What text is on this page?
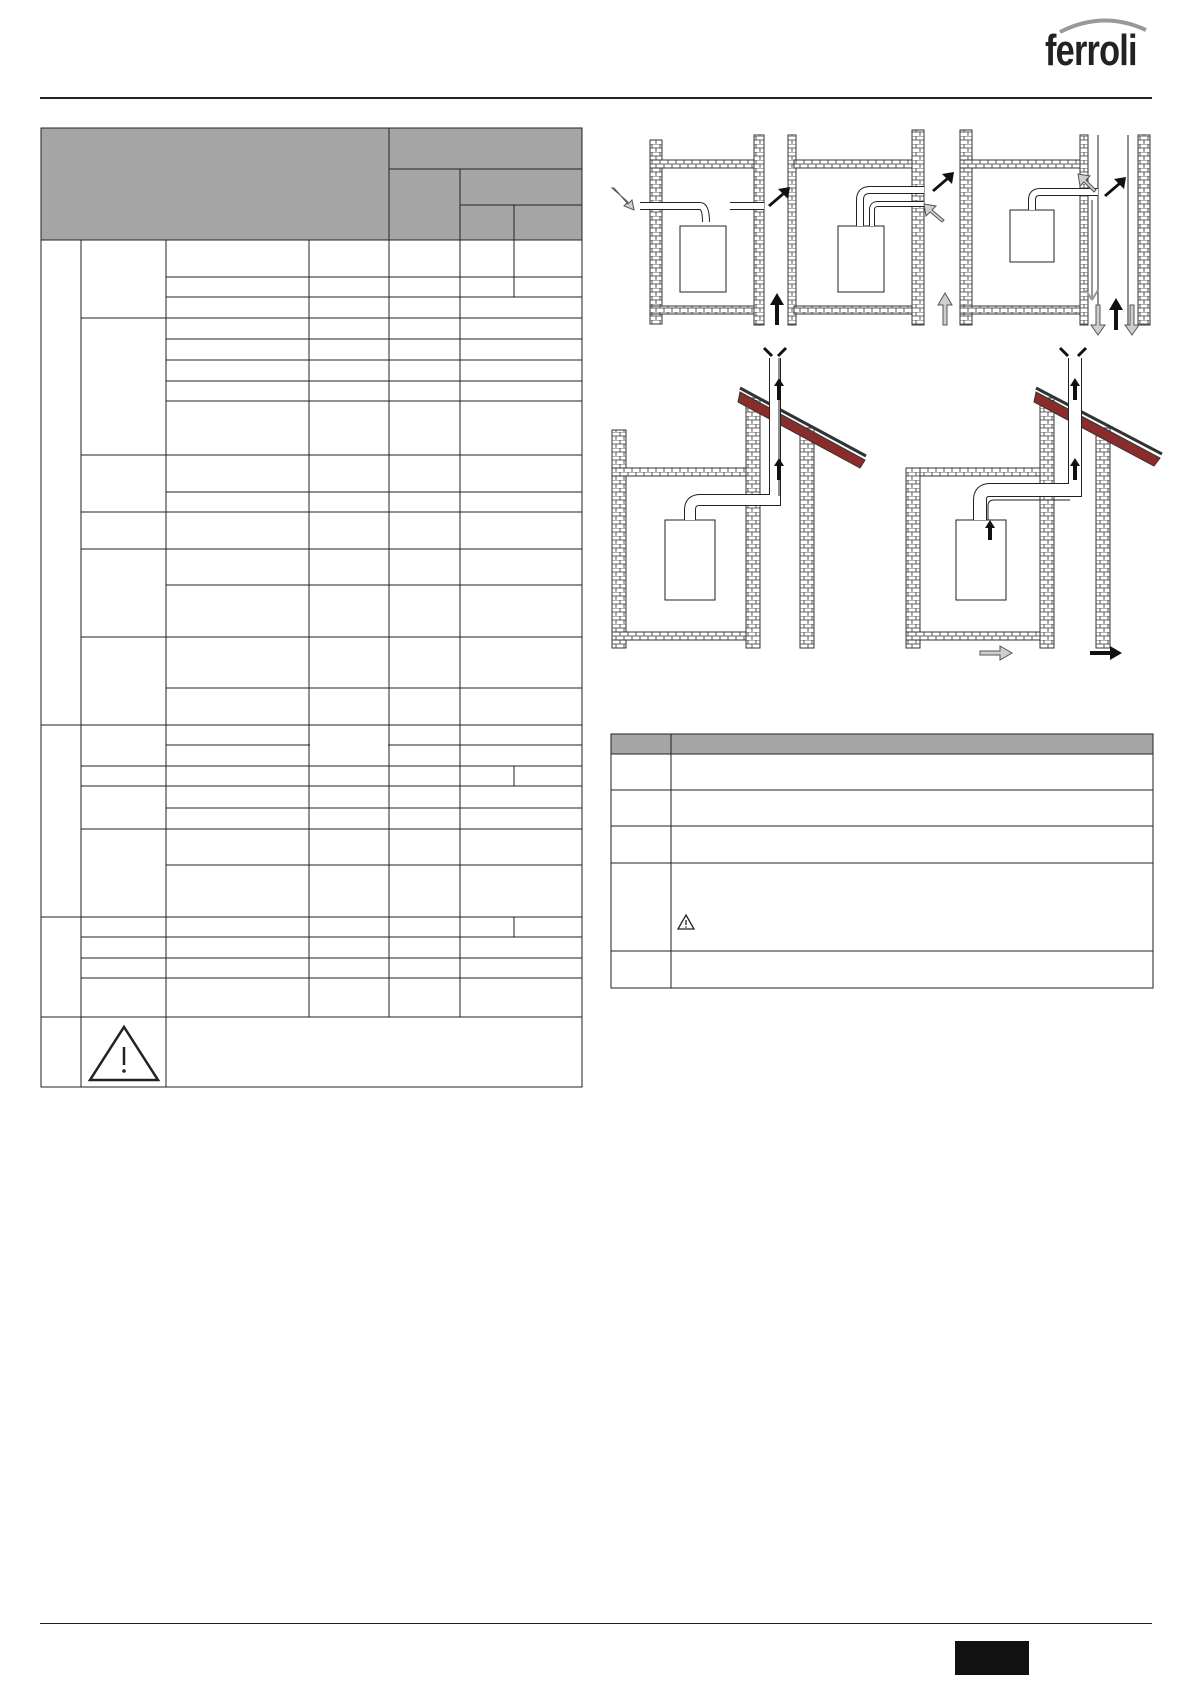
ferroli
